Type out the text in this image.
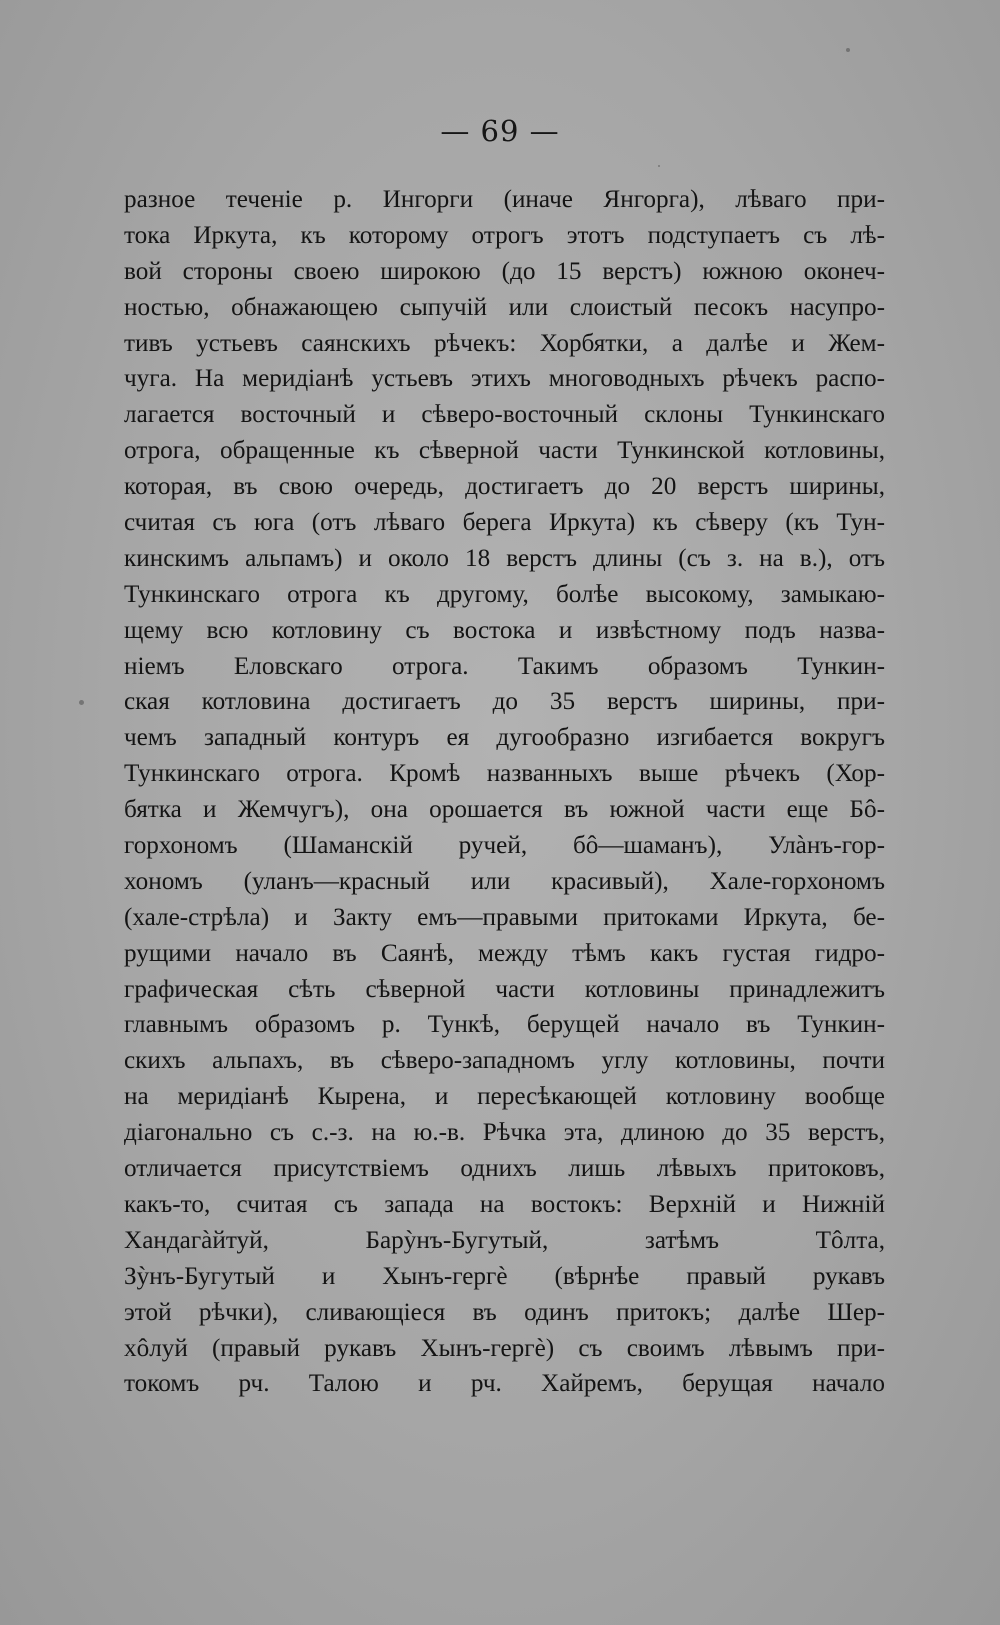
— 69 —
разное теченіе р. Ингорги (иначе Янгорга), лѣваго при-
тока Иркута, къ которому отрогъ этотъ подступаетъ съ лѣ-
вой стороны своею широкою (до 15 верстъ) южною оконеч-
ностью, обнажающею сыпучій или слоистый песокъ насупро-
тивъ устьевъ саянскихъ рѣчекъ: Хорбятки, а далѣе и Жем-
чуга. На меридіанѣ устьевъ этихъ многоводныхъ рѣчекъ распо-
лагается восточный и сѣверо-восточный склоны Тункинскаго
отрога, обращенные къ сѣверной части Тункинской котловины,
которая, въ свою очередь, достигаетъ до 20 верстъ ширины,
считая съ юга (отъ лѣваго берега Иркута) къ сѣверу (къ Тун-
кинскимъ альпамъ) и около 18 верстъ длины (съ з. на в.), отъ
Тункинскаго отрога къ другому, болѣе высокому, замыкаю-
щему всю котловину съ востока и извѣстному подъ назва-
ніемъ Еловскаго отрога. Такимъ образомъ Тункин-
ская котловина достигаетъ до 35 верстъ ширины, при-
чемъ западный контуръ ея дугообразно изгибается вокругъ
Тункинскаго отрога. Кромѣ названныхъ выше рѣчекъ (Хор-
бятка и Жемчугъ), она орошается въ южной части еще Бô-
горхономъ (Шаманскій ручей, бô—шаманъ), Улàнъ-гор-
хономъ (уланъ—красный или красивый), Хале-горхономъ
(хале-стрѣла) и Закту емъ—правыми притоками Иркута, бе-
рущими начало въ Саянѣ, между тѣмъ какъ густая гидро-
графическая сѣть сѣверной части котловины принадлежитъ
главнымъ образомъ р. Тункѣ, берущей начало въ Тункин-
скихъ альпахъ, въ сѣверо-западномъ углу котловины, почти
на меридіанѣ Кырена, и пересѣкающей котловину вообще
діагонально съ с.-з. на ю.-в. Рѣчка эта, длиною до 35 верстъ,
отличается присутствіемъ однихъ лишь лѣвыхъ притоковъ,
какъ-то, считая съ запада на востокъ: Верхній и Нижній
Хандагàйтуй, Барỳнъ-Бугутый, затѣмъ Тôлта,
Зỳнъ-Бугутый и Хынъ-гергè (вѣрнѣе правый рукавъ
этой рѣчки), сливающіеся въ одинъ притокъ; далѣе Шер-
хôлуй (правый рукавъ Хынъ-гергè) съ своимъ лѣвымъ при-
токомъ рч. Талою и рч. Хайремъ, берущая начало
